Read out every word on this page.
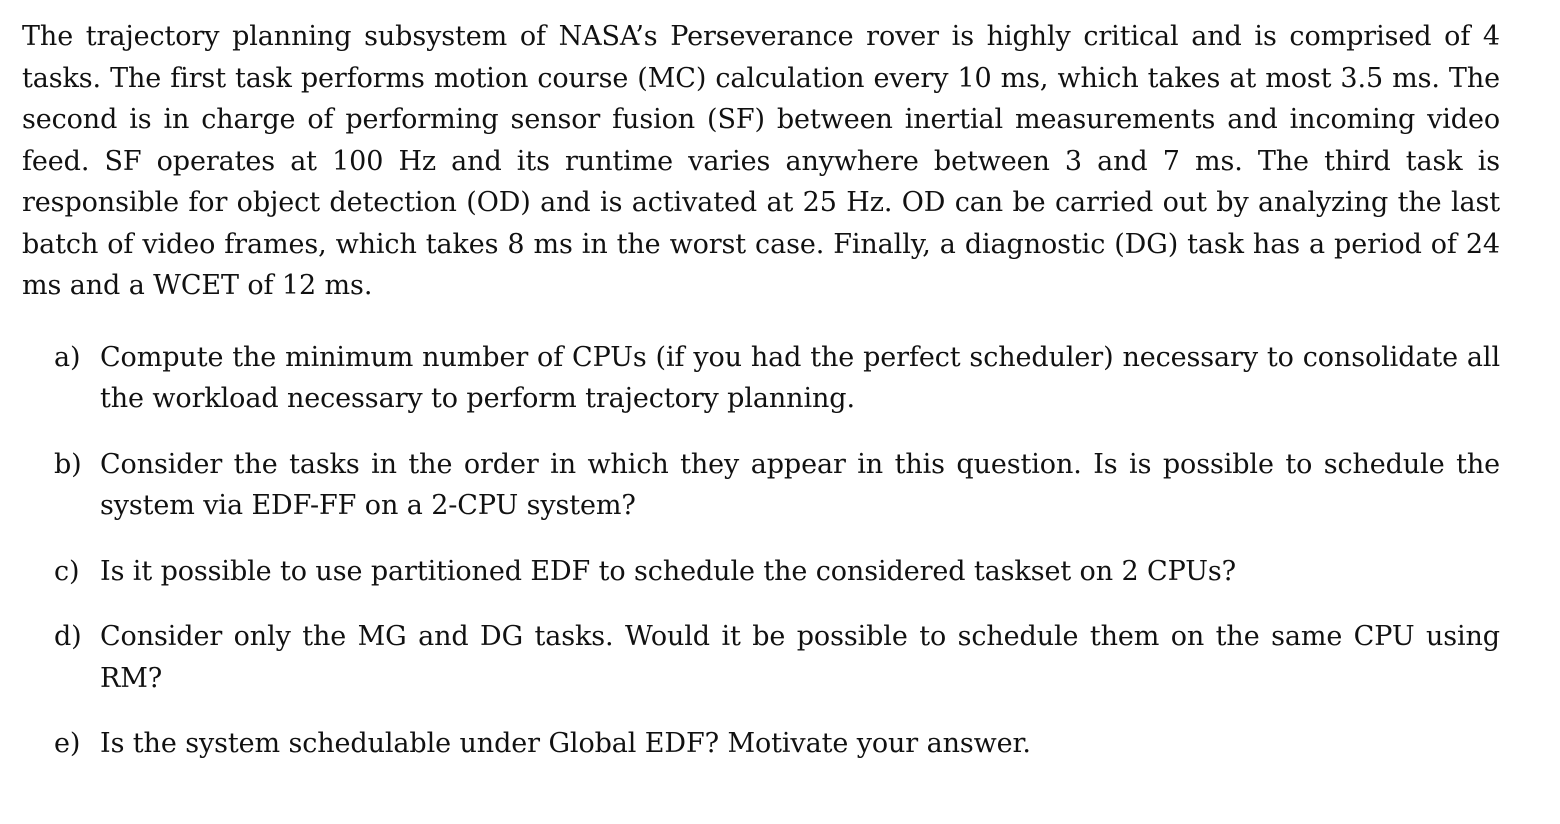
The trajectory planning subsystem of NASA’s Perseverance rover is highly critical and is comprised of 4 tasks. The first task performs motion course (MC) calculation every 10 ms, which takes at most 3.5 ms. The second is in charge of performing sensor fusion (SF) between inertial measurements and incoming video feed. SF operates at 100 Hz and its runtime varies anywhere between 3 and 7 ms. The third task is responsible for object detection (OD) and is activated at 25 Hz. OD can be carried out by analyzing the last batch of video frames, which takes 8 ms in the worst case. Finally, a diagnostic (DG) task has a period of 24 ms and a WCET of 12 ms.

a) Compute the minimum number of CPUs (if you had the perfect scheduler) necessary to consolidate all the workload necessary to perform trajectory planning.
b) Consider the tasks in the order in which they appear in this question. Is is possible to schedule the system via EDF-FF on a 2-CPU system?
c) Is it possible to use partitioned EDF to schedule the considered taskset on 2 CPUs?
d) Consider only the MG and DG tasks. Would it be possible to schedule them on the same CPU using RM?
e) Is the system schedulable under Global EDF? Motivate your answer.
